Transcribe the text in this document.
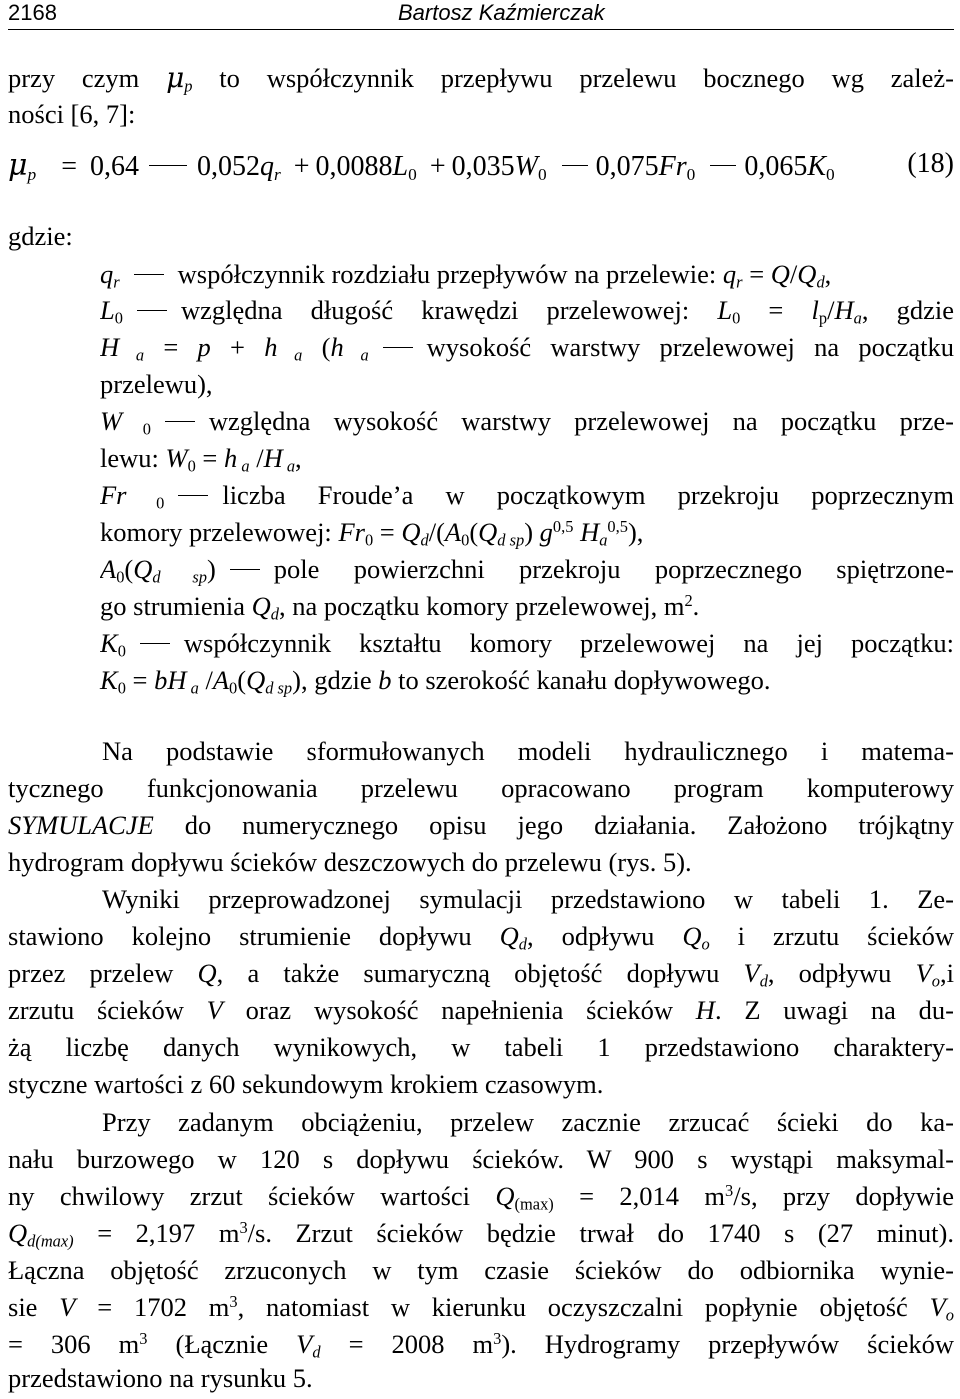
2168	Bartosz Kaźmierczak
przy czym $\mu_p$ to współczynnik przepływu przelewu bocznego wg zależ-
ności [6, 7]:
$\mu_p = 0,64$ $0,052q_r + 0,0088L_0 + 0,035W_0$ $0,075Fr_0$ $0,065K_0$	(18)
gdzie:
$q_r$ współczynnik rozdziału przepływów na przelewie: $q_r = Q/Q_d$,
$L_0$ względna długość krawędzi przelewowej: $L_0 = l_p/H_a$, gdzie
H $_a$ = p + h $_a$ (h $_a$ wysokość warstwy przelewowej na początku
przelewu),
W $_0$ względna wysokość warstwy przelewowej na początku prze-
lewu: $W_0 = h$ $_a$ /H $_a$,
Fr $_0$ liczba Froude’a w początkowym przekroju poprzecznym
komory przelewowej: $Fr_0 = Q_d/(A_0(Q_{d sp})$ $g^{0,5}$ $H_a^{0,5}$),
$A_0(Q_{d sp})$ pole powierzchni przekroju poprzecznego spiętrzone-
go strumienia $Q_d$, na początku komory przelewowej, $m^2$.
$K_0$ współczynnik kształtu komory przelewowej na jej początku:
$K_0$ = bH $_a$ $/A_0(Q_{d sp})$, gdzie b to szerokość kanału dopływowego.
Na podstawie sformułowanych modeli hydraulicznego i matema-
tycznego funkcjonowania przelewu opracowano program komputerowy
SYMULACJE do numerycznego opisu jego działania. Założono trójkątny
hydrogram dopływu ścieków deszczowych do przelewu (rys. 5).
Wyniki przeprowadzonej symulacji przedstawiono w tabeli 1. Ze-
stawiono kolejno strumienie dopływu $Q_d$, odpływu $Q_o$ i zrzutu ścieków
przez przelew Q, a także sumaryczną objętość dopływu $V_d$, odpływu $V_o,i$
zrzutu ścieków V oraz wysokość napełnienia ścieków H. Z uwagi na du-
żą liczbę danych wynikowych, w tabeli 1 przedstawiono charaktery-
styczne wartości z 60 sekundowym krokiem czasowym.
Przy zadanym obciążeniu, przelew zacznie zrzucać ścieki do ka-
nału burzowego w 120 s dopływu ścieków. W 900 s wystąpi maksymal-
ny chwilowy zrzut ścieków wartości $Q_{(max)} = 2,014$ $m^3/s$, przy dopływie
$Q_{d(max)} = 2,197$ $m^3/s$. Zrzut ścieków będzie trwał do 1740 s (27 minut).
Łączna objętość zrzuconych w tym czasie ścieków do odbiornika wynie-
sie V = 1702 $m^3$, natomiast w kierunku oczyszczalni popłynie objętość $V_o$
= 306 $m^3$ (Łącznie $V_d = 2008$ $m^3$). Hydrogramy przepływów ścieków
przedstawiono na rysunku 5.
